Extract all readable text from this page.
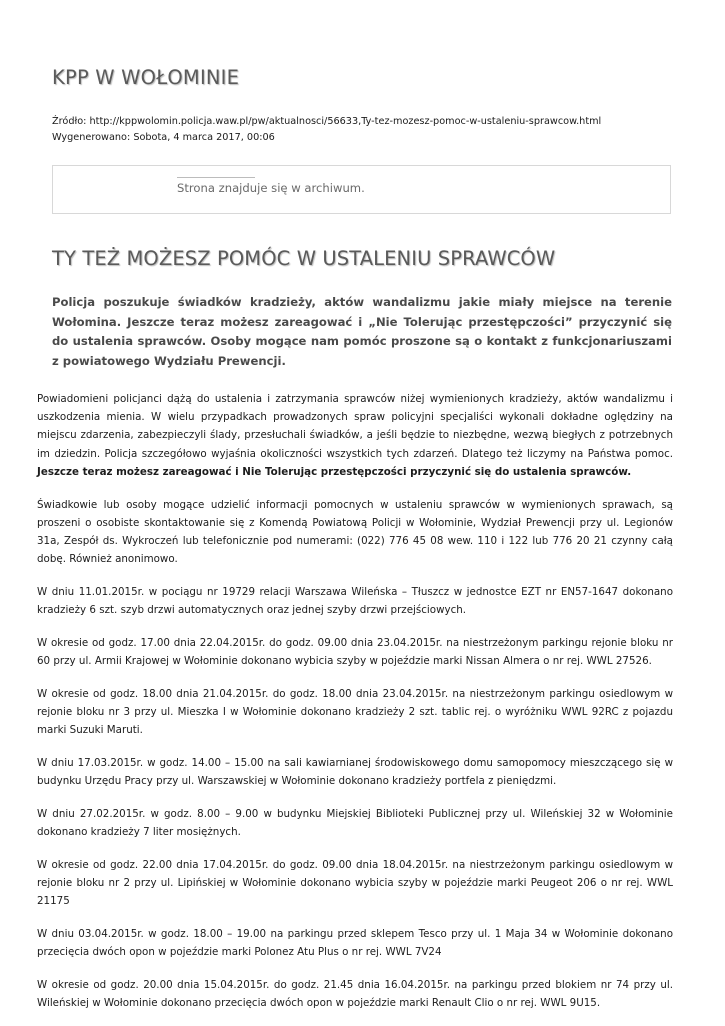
KPP W WOŁOMINIE
Źródło: http://kppwolomin.policja.waw.pl/pw/aktualnosci/56633,Ty-tez-mozesz-pomoc-w-ustaleniu-sprawcow.html
Wygenerowano: Sobota, 4 marca 2017, 00:06
Strona znajduje się w archiwum.
TY TEŻ MOŻESZ POMÓC W USTALENIU SPRAWCÓW

Policja poszukuje świadków kradzieży, aktów wandalizmu jakie miały miejsce na terenie Wołomina. Jeszcze teraz możesz zareagować i „Nie Tolerując przestępczości” przyczynić się do ustalenia sprawców. Osoby mogące nam pomóc proszone są o kontakt z funkcjonariuszami z powiatowego Wydziału Prewencji.

Powiadomieni policjanci dążą do ustalenia i zatrzymania sprawców niżej wymienionych kradzieży, aktów wandalizmu i uszkodzenia mienia. W wielu przypadkach prowadzonych spraw policyjni specjaliści wykonali dokładne oględziny na miejscu zdarzenia, zabezpieczyli ślady, przesłuchali świadków, a jeśli będzie to niezbędne, wezwą biegłych z potrzebnych im dziedzin. Policja szczegółowo wyjaśnia okoliczności wszystkich tych zdarzeń. Dlatego też liczymy na Państwa pomoc. Jeszcze teraz możesz zareagować i Nie Tolerując przestępczości przyczynić się do ustalenia sprawców.

Świadkowie lub osoby mogące udzielić informacji pomocnych w ustaleniu sprawców w wymienionych sprawach, są proszeni o osobiste skontaktowanie się z Komendą Powiatową Policji w Wołominie, Wydział Prewencji przy ul. Legionów 31a, Zespół ds. Wykroczeń lub telefonicznie pod numerami: (022) 776 45 08 wew. 110 i 122 lub 776 20 21 czynny całą dobę. Również anonimowo.

W dniu 11.01.2015r. w pociągu nr 19729 relacji Warszawa Wileńska – Tłuszcz w jednostce EZT nr EN57-1647 dokonano kradzieży 6 szt. szyb drzwi automatycznych oraz jednej szyby drzwi przejściowych.

W okresie od godz. 17.00 dnia 22.04.2015r. do godz. 09.00 dnia 23.04.2015r. na niestrzeżonym parkingu rejonie bloku nr 60 przy ul. Armii Krajowej w Wołominie dokonano wybicia szyby w pojeździe marki Nissan Almera o nr rej. WWL 27526.

W okresie od godz. 18.00 dnia 21.04.2015r. do godz. 18.00 dnia 23.04.2015r. na niestrzeżonym parkingu osiedlowym w rejonie bloku nr 3 przy ul. Mieszka I w Wołominie dokonano kradzieży 2 szt. tablic rej. o wyróżniku WWL 92RC z pojazdu marki Suzuki Maruti.

W dniu 17.03.2015r. w godz. 14.00 – 15.00 na sali kawiarnianej środowiskowego domu samopomocy mieszczącego się w budynku Urzędu Pracy przy ul. Warszawskiej w Wołominie dokonano kradzieży portfela z pieniędzmi.

W dniu 27.02.2015r. w godz. 8.00 – 9.00 w budynku Miejskiej Biblioteki Publicznej przy ul. Wileńskiej 32 w Wołominie dokonano kradzieży 7 liter mosiężnych.

W okresie od godz. 22.00 dnia 17.04.2015r. do godz. 09.00 dnia 18.04.2015r. na niestrzeżonym parkingu osiedlowym w rejonie bloku nr 2 przy ul. Lipińskiej w Wołominie dokonano wybicia szyby w pojeździe marki Peugeot 206 o nr rej. WWL 21175

W dniu 03.04.2015r. w godz. 18.00 – 19.00 na parkingu przed sklepem Tesco przy ul. 1 Maja 34 w Wołominie dokonano przecięcia dwóch opon w pojeździe marki Polonez Atu Plus o nr rej. WWL 7V24

W okresie od godz. 20.00 dnia 15.04.2015r. do godz. 21.45 dnia 16.04.2015r. na parkingu przed blokiem nr 74 przy ul. Wileńskiej w Wołominie dokonano przecięcia dwóch opon w pojeździe marki Renault Clio o nr rej. WWL 9U15.
